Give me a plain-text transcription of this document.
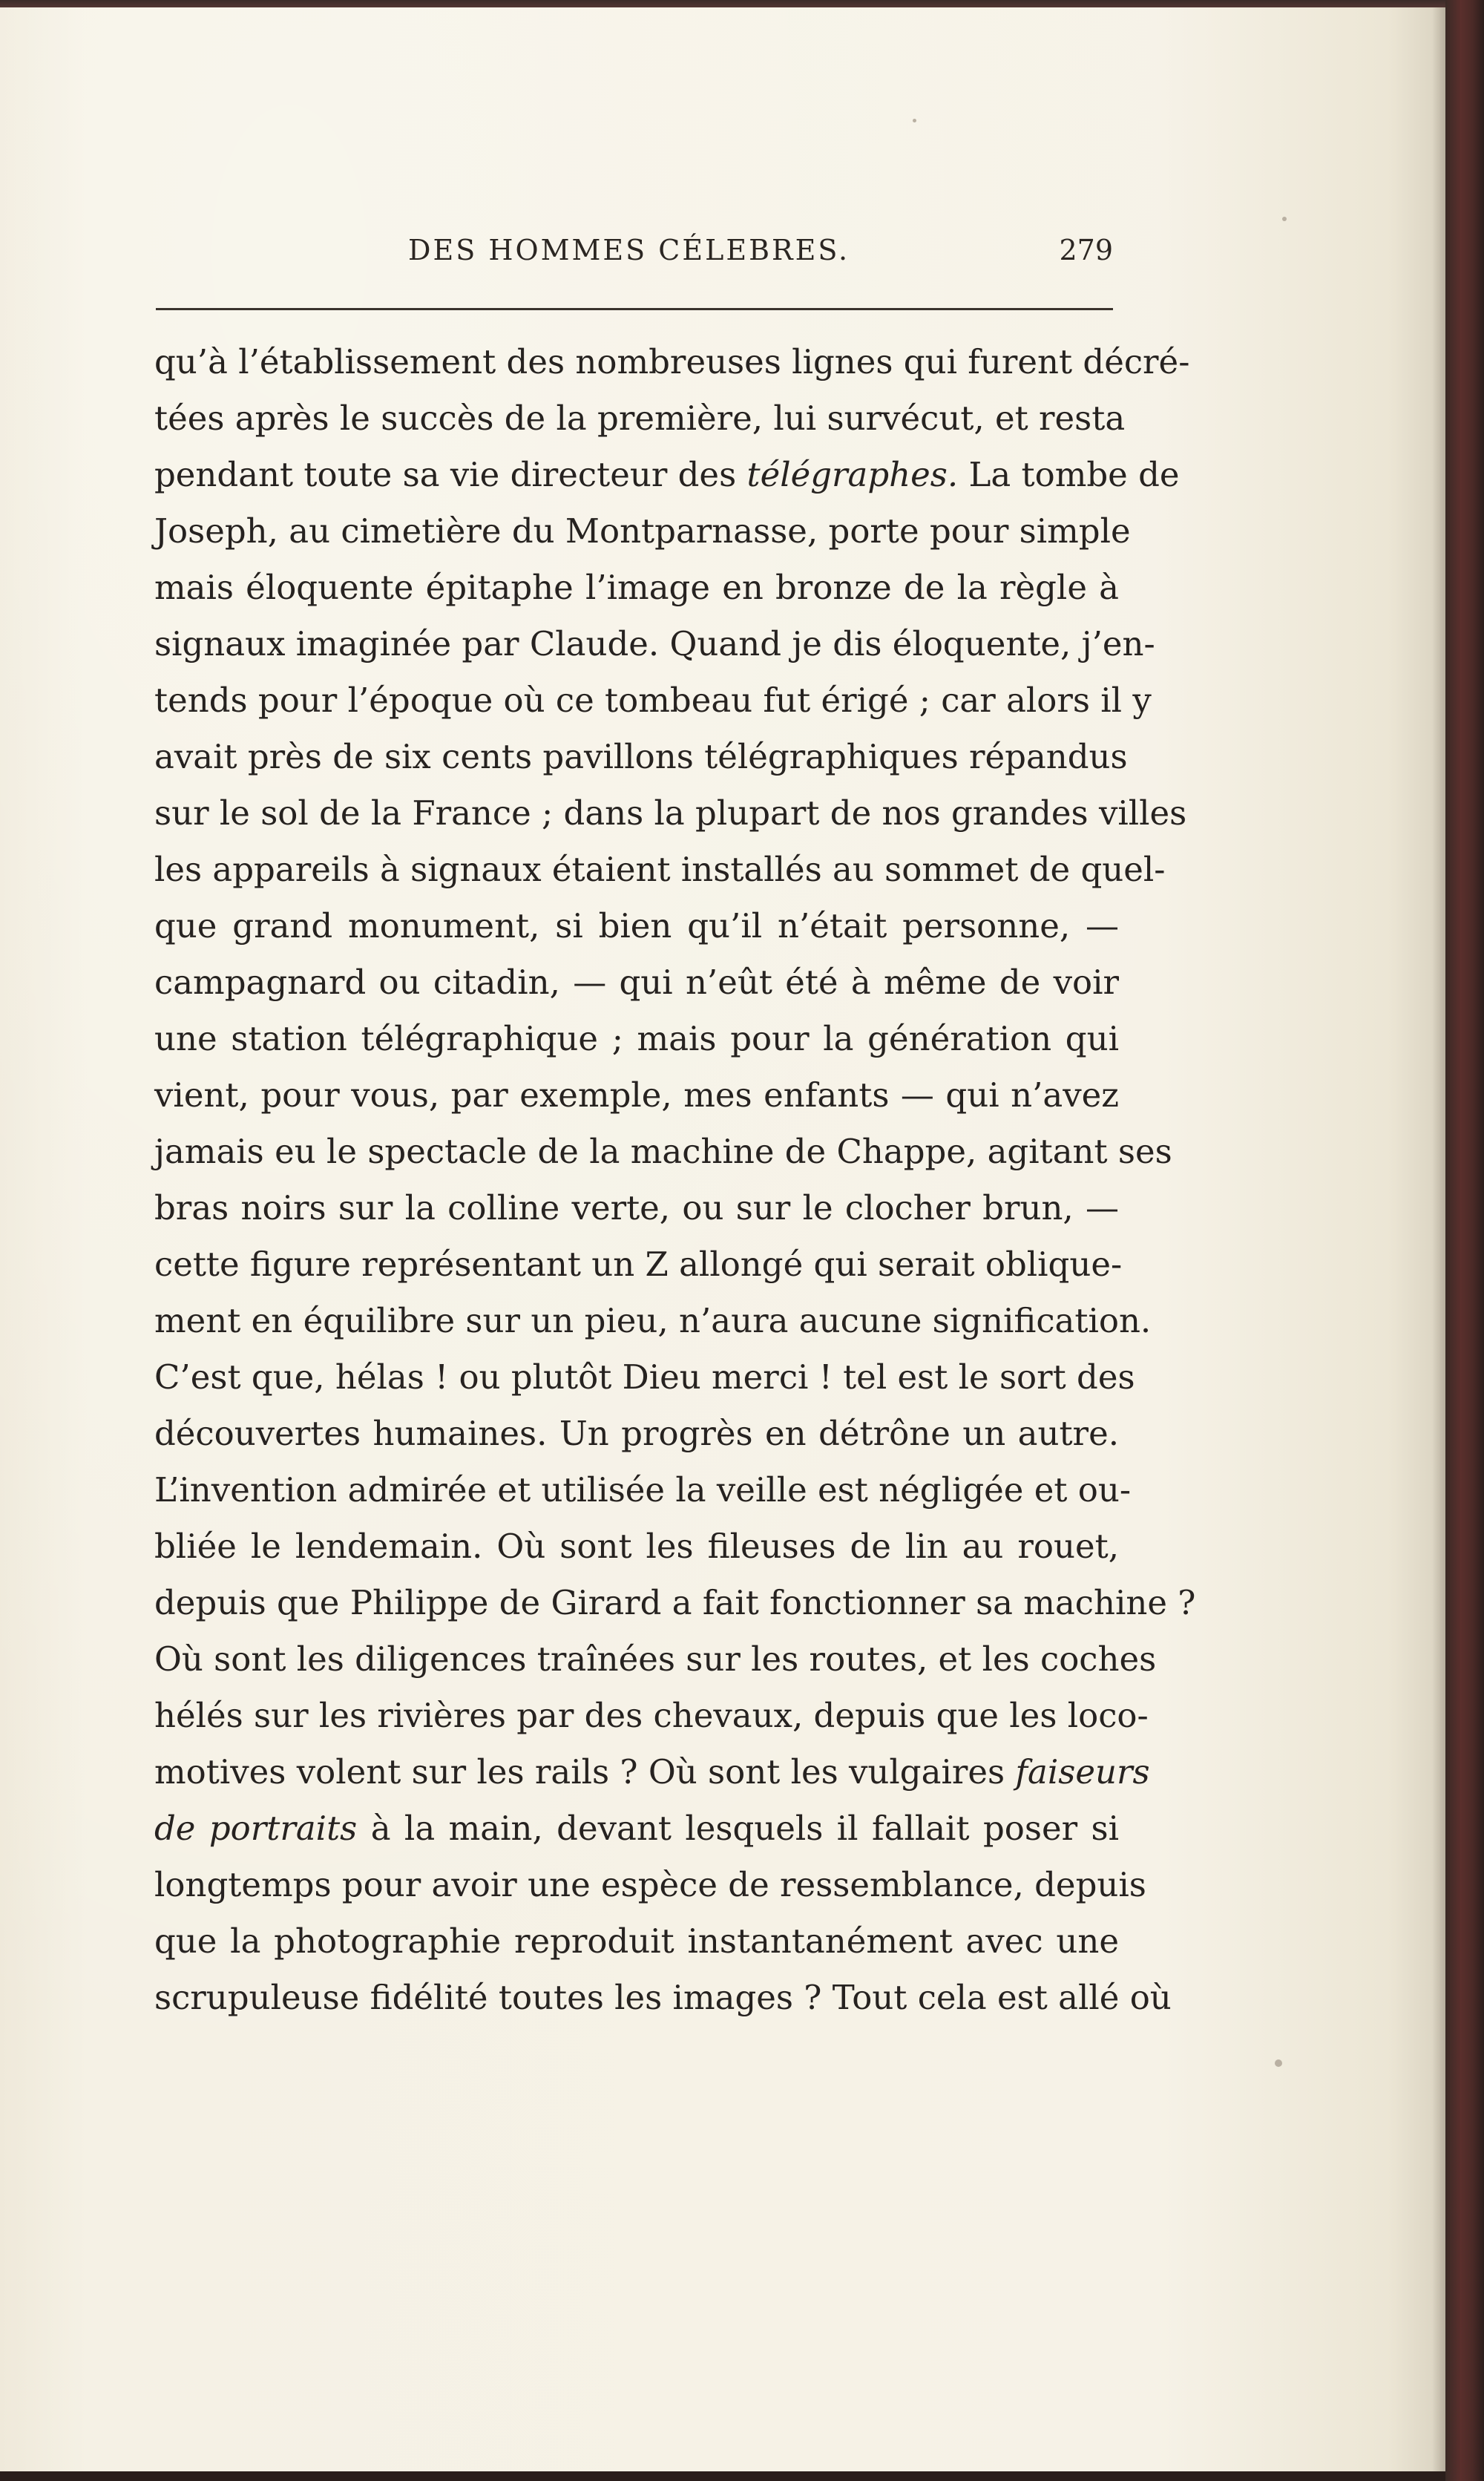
DES HOMMES CÉLEBRES.	279
qu’à l’établissement des nombreuses lignes qui furent décré-
tées après le succès de la première, lui survécut, et resta
pendant toute sa vie directeur des télégraphes. La tombe de
Joseph, au cimetière du Montparnasse, porte pour simple
mais éloquente épitaphe l’image en bronze de la règle à
signaux imaginée par Claude. Quand je dis éloquente, j’en-
tends pour l’époque où ce tombeau fut érigé ; car alors il y
avait près de six cents pavillons télégraphiques répandus
sur le sol de la France ; dans la plupart de nos grandes villes
les appareils à signaux étaient installés au sommet de quel-
que grand monument, si bien qu’il n’était personne, —
campagnard ou citadin, — qui n’eût été à même de voir
une station télégraphique ; mais pour la génération qui
vient, pour vous, par exemple, mes enfants — qui n’avez
jamais eu le spectacle de la machine de Chappe, agitant ses
bras noirs sur la colline verte, ou sur le clocher brun, —
cette figure représentant un Z allongé qui serait oblique-
ment en équilibre sur un pieu, n’aura aucune signification.
C’est que, hélas ! ou plutôt Dieu merci ! tel est le sort des
découvertes humaines. Un progrès en détrône un autre.
L’invention admirée et utilisée la veille est négligée et ou-
bliée le lendemain. Où sont les fileuses de lin au rouet,
depuis que Philippe de Girard a fait fonctionner sa machine ?
Où sont les diligences traînées sur les routes, et les coches
hélés sur les rivières par des chevaux, depuis que les loco-
motives volent sur les rails ? Où sont les vulgaires faiseurs
de portraits à la main, devant lesquels il fallait poser si
longtemps pour avoir une espèce de ressemblance, depuis
que la photographie reproduit instantanément avec une
scrupuleuse fidélité toutes les images ? Tout cela est allé où
